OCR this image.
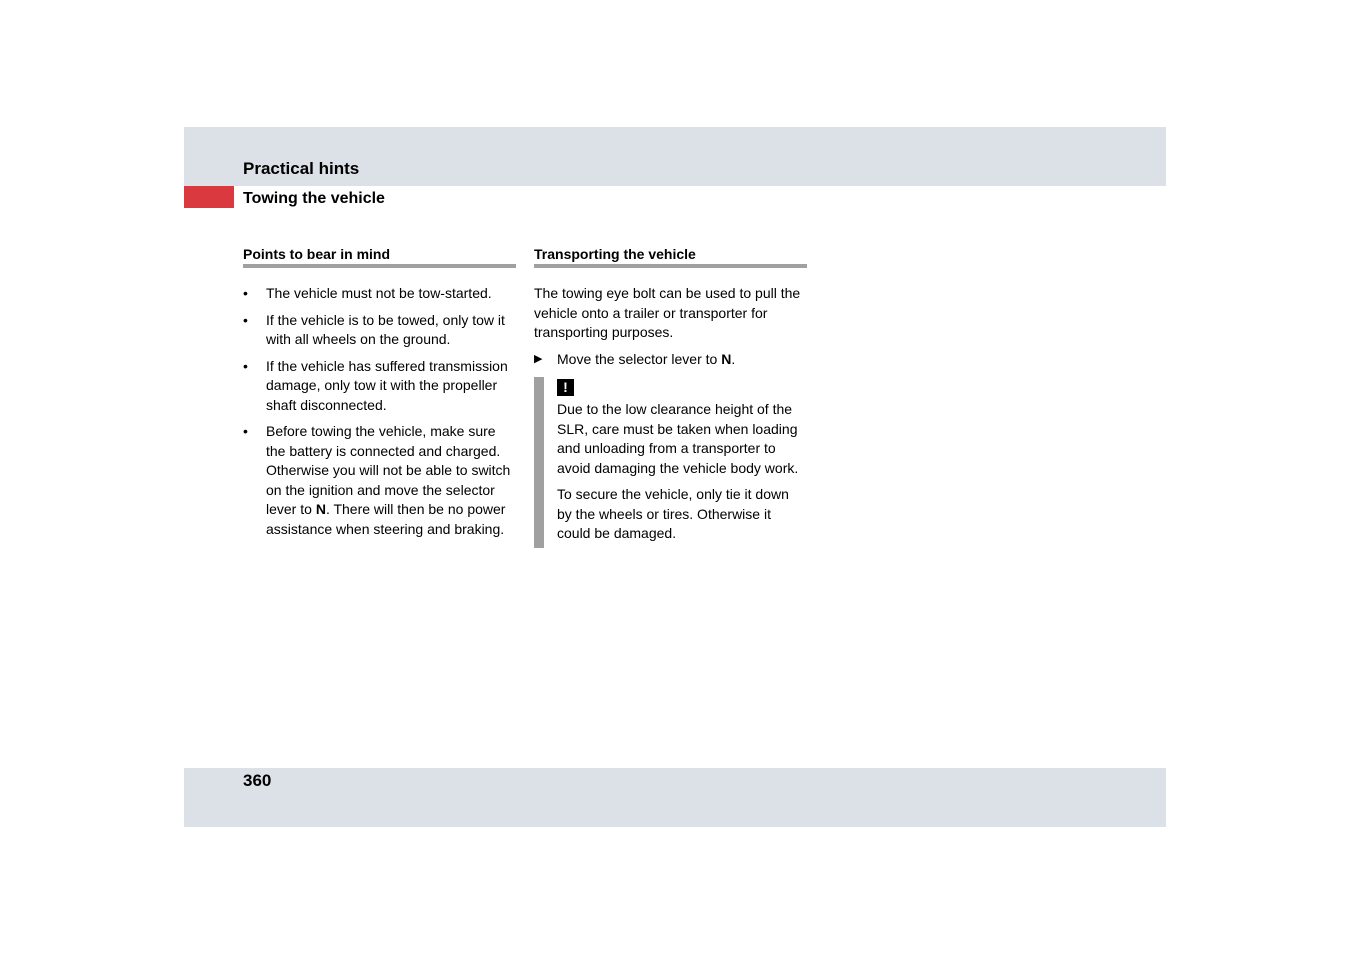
Practical hints
Towing the vehicle
Points to bear in mind
• The vehicle must not be tow-started.
• If the vehicle is to be towed, only tow it with all wheels on the ground.
• If the vehicle has suffered transmission damage, only tow it with the propeller shaft disconnected.
• Before towing the vehicle, make sure the battery is connected and charged. Otherwise you will not be able to switch on the ignition and move the selector lever to N. There will then be no power assistance when steering and braking.
Transporting the vehicle

The towing eye bolt can be used to pull the vehicle onto a trailer or transporter for transporting purposes.

▶ Move the selector lever to N.
!

Due to the low clearance height of the SLR, care must be taken when loading and unloading from a transporter to avoid damaging the vehicle body work.

To secure the vehicle, only tie it down by the wheels or tires. Otherwise it could be damaged.

360
